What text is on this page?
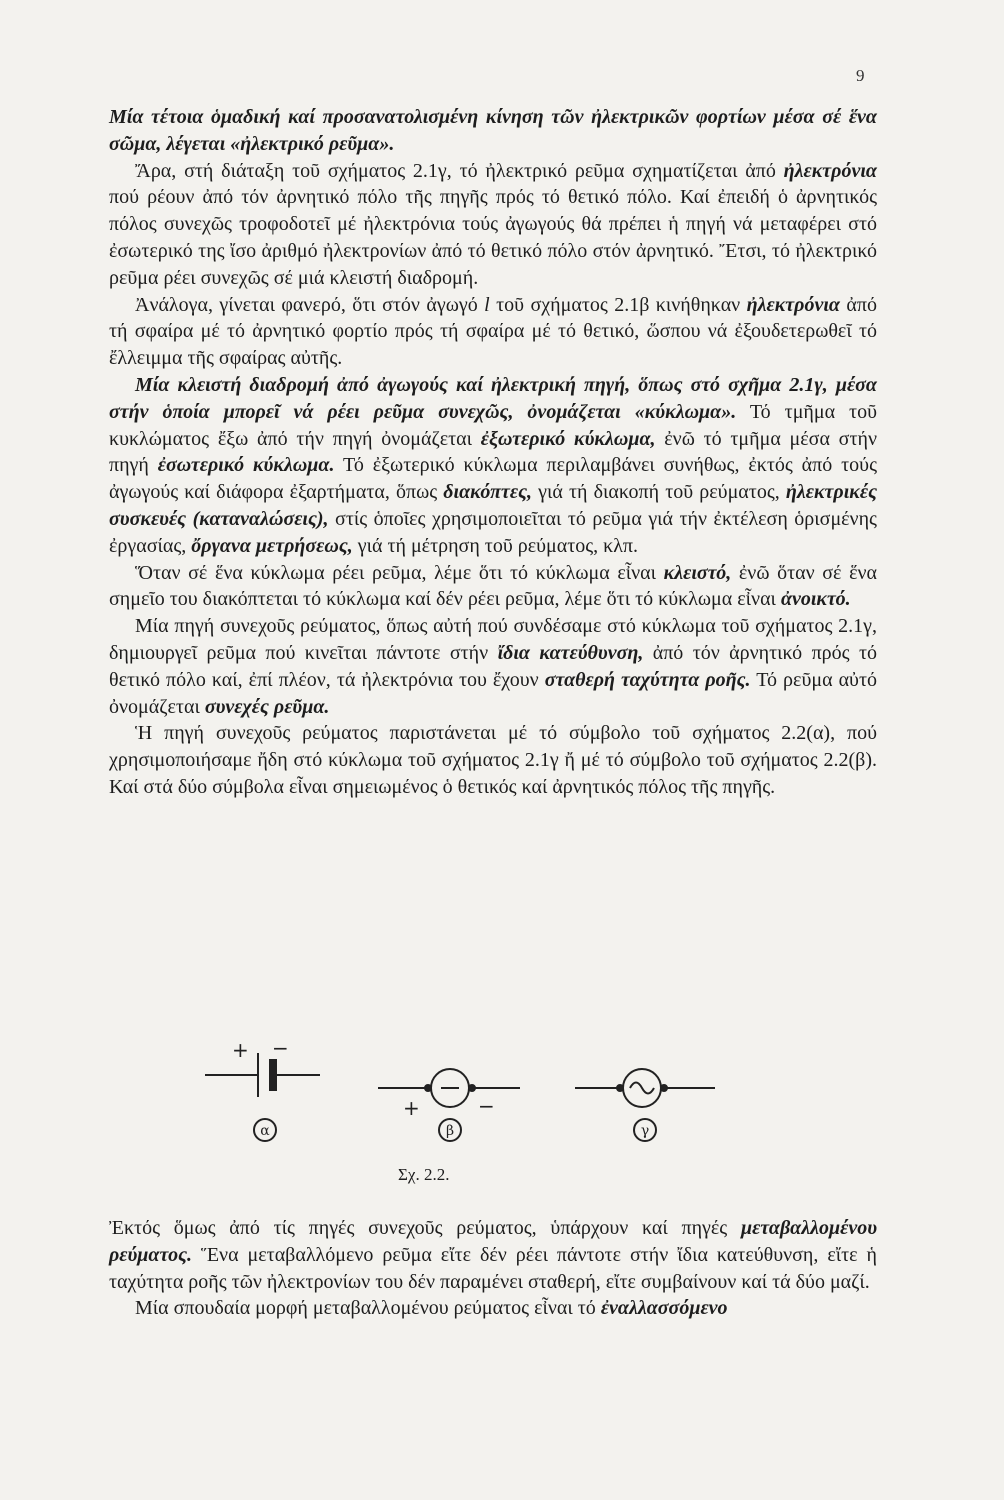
9

Μία τέτοια ὁμαδική καί προσανατολισμένη κίνηση τῶν ἠλεκτρικῶν φορτίων μέσα σέ ἕνα σῶμα, λέγεται «ἠλεκτρικό ρεῦμα».

Ἄρα, στή διάταξη τοῦ σχήματος 2.1γ, τό ἠλεκτρικό ρεῦμα σχηματίζεται ἀπό ἠλεκτρόνια πού ρέουν ἀπό τόν ἀρνητικό πόλο τῆς πηγῆς πρός τό θετικό πόλο. Καί ἐπειδή ὁ ἀρνητικός πόλος συνεχῶς τροφοδοτεῖ μέ ἠλεκτρόνια τούς ἀγωγούς θά πρέπει ἡ πηγή νά μεταφέρει στό ἐσωτερικό της ἴσο ἀριθμό ἠλεκτρονίων ἀπό τό θετικό πόλο στόν ἀρνητικό. Ἔτσι, τό ἠλεκτρικό ρεῦμα ρέει συνεχῶς σέ μιά κλειστή διαδρομή.

Ἀνάλογα, γίνεται φανερό, ὅτι στόν ἀγωγό l τοῦ σχήματος 2.1β κινήθηκαν ἠλεκτρόνια ἀπό τή σφαίρα μέ τό ἀρνητικό φορτίο πρός τή σφαίρα μέ τό θετικό, ὥσπου νά ἐξουδετερωθεῖ τό ἔλλειμμα τῆς σφαίρας αὐτῆς.

Μία κλειστή διαδρομή ἀπό ἀγωγούς καί ἠλεκτρική πηγή, ὅπως στό σχῆμα 2.1γ, μέσα στήν ὁποία μπορεῖ νά ρέει ρεῦμα συνεχῶς, ὀνομάζεται «κύκλωμα». Τό τμῆμα τοῦ κυκλώματος ἔξω ἀπό τήν πηγή ὀνομάζεται ἐξωτερικό κύκλωμα, ἐνῶ τό τμῆμα μέσα στήν πηγή ἐσωτερικό κύκλωμα. Τό ἐξωτερικό κύκλωμα περιλαμβάνει συνήθως, ἐκτός ἀπό τούς ἀγωγούς καί διάφορα ἐξαρτήματα, ὅπως διακόπτες, γιά τή διακοπή τοῦ ρεύματος, ἠλεκτρικές συσκευές (καταναλώσεις), στίς ὁποῖες χρησιμοποιεῖται τό ρεῦμα γιά τήν ἐκτέλεση ὁρισμένης ἐργασίας, ὄργανα μετρήσεως, γιά τή μέτρηση τοῦ ρεύματος, κλπ.

Ὅταν σέ ἕνα κύκλωμα ρέει ρεῦμα, λέμε ὅτι τό κύκλωμα εἶναι κλειστό, ἐνῶ ὅταν σέ ἕνα σημεῖο του διακόπτεται τό κύκλωμα καί δέν ρέει ρεῦμα, λέμε ὅτι τό κύκλωμα εἶναι ἀνοικτό.

Μία πηγή συνεχοῦς ρεύματος, ὅπως αὐτή πού συνδέσαμε στό κύκλωμα τοῦ σχήματος 2.1γ, δημιουργεῖ ρεῦμα πού κινεῖται πάντοτε στήν ἴδια κατεύθυνση, ἀπό τόν ἀρνητικό πρός τό θετικό πόλο καί, ἐπί πλέον, τά ἠλεκτρόνια του ἔχουν σταθερή ταχύτητα ροῆς. Τό ρεῦμα αὐτό ὀνομάζεται συνεχές ρεῦμα.

Ἡ πηγή συνεχοῦς ρεύματος παριστάνεται μέ τό σύμβολο τοῦ σχήματος 2.2(α), πού χρησιμοποιήσαμε ἤδη στό κύκλωμα τοῦ σχήματος 2.1γ ἤ μέ τό σύμβολο τοῦ σχήματος 2.2(β). Καί στά δύο σύμβολα εἶναι σημειωμένος ὁ θετικός καί ἀρνητικός πόλος τῆς πηγῆς.

+ −
+	−
α	β	γ
Σχ. 2.2.

Ἐκτός ὅμως ἀπό τίς πηγές συνεχοῦς ρεύματος, ὑπάρχουν καί πηγές μεταβαλλομένου ρεύματος. Ἕνα μεταβαλλόμενο ρεῦμα εἴτε δέν ρέει πάντοτε στήν ἴδια κατεύθυνση, εἴτε ἡ ταχύτητα ροῆς τῶν ἠλεκτρονίων του δέν παραμένει σταθερή, εἴτε συμβαίνουν καί τά δύο μαζί.

Μία σπουδαία μορφή μεταβαλλομένου ρεύματος εἶναι τό ἐναλλασσόμενο
